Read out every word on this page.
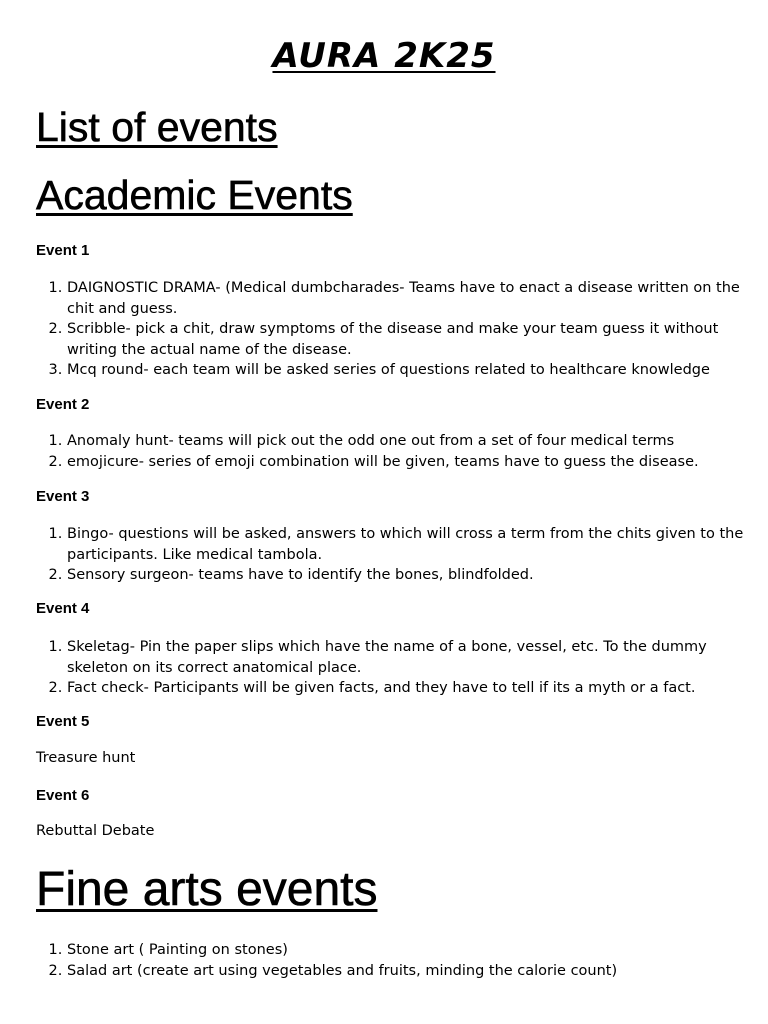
AURA 2K25
List of events
Academic Events

Event 1

1. DAIGNOSTIC DRAMA- (Medical dumbcharades- Teams have to enact a disease written on the chit and guess.
2. Scribble- pick a chit, draw symptoms of the disease and make your team guess it without writing the actual name of the disease.
3. Mcq round- each team will be asked series of questions related to healthcare knowledge

Event 2

1. Anomaly hunt- teams will pick out the odd one out from a set of four medical terms
2. emojicure- series of emoji combination will be given, teams have to guess the disease.

Event 3

1. Bingo- questions will be asked, answers to which will cross a term from the chits given to the participants. Like medical tambola.
2. Sensory surgeon- teams have to identify the bones, blindfolded.

Event 4

1. Skeletag- Pin the paper slips which have the name of a bone, vessel, etc. To the dummy skeleton on its correct anatomical place.
2. Fact check- Participants will be given facts, and they have to tell if its a myth or a fact.

Event 5

Treasure hunt

Event 6

Rebuttal Debate

Fine arts events
1. Stone art ( Painting on stones)
2. Salad art (create art using vegetables and fruits, minding the calorie count)
